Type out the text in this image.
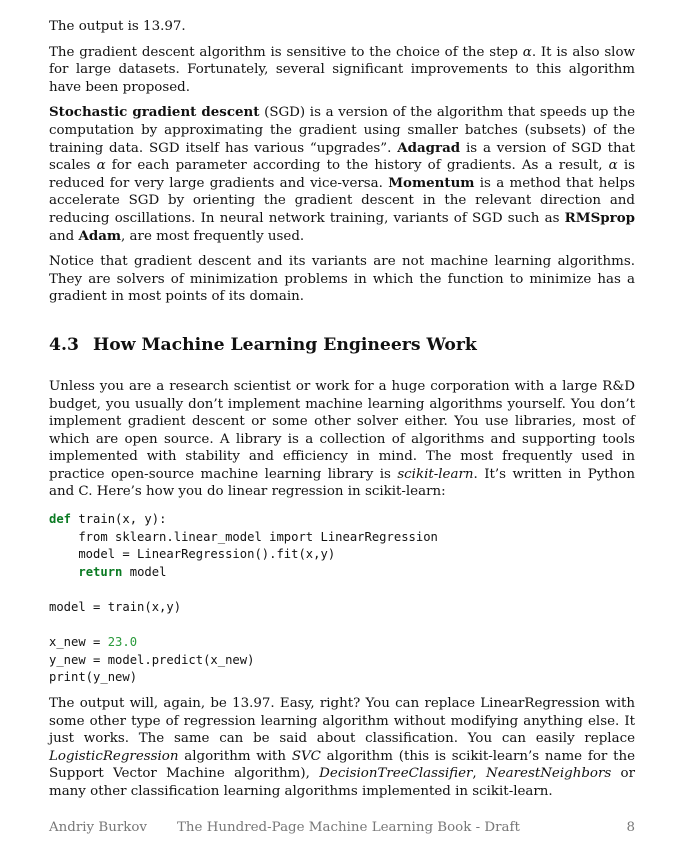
The output is 13.97.

The gradient descent algorithm is sensitive to the choice of the step α. It is also slow for large datasets. Fortunately, several significant improvements to this algorithm have been proposed.

Stochastic gradient descent (SGD) is a version of the algorithm that speeds up the computation by approximating the gradient using smaller batches (subsets) of the training data. SGD itself has various “upgrades”. Adagrad is a version of SGD that scales α for each parameter according to the history of gradients. As a result, α is reduced for very large gradients and vice-versa. Momentum is a method that helps accelerate SGD by orienting the gradient descent in the relevant direction and reducing oscillations. In neural network training, variants of SGD such as RMSprop and Adam, are most frequently used.

Notice that gradient descent and its variants are not machine learning algorithms. They are solvers of minimization problems in which the function to minimize has a gradient in most points of its domain.

4.3 How Machine Learning Engineers Work

Unless you are a research scientist or work for a huge corporation with a large R&D budget, you usually don’t implement machine learning algorithms yourself. You don’t implement gradient descent or some other solver either. You use libraries, most of which are open source. A library is a collection of algorithms and supporting tools implemented with stability and efficiency in mind. The most frequently used in practice open-source machine learning library is scikit-learn. It’s written in Python and C. Here’s how you do linear regression in scikit-learn:

def train(x, y):
from sklearn.linear_model import LinearRegression
model = LinearRegression().fit(x,y)
return model

model = train(x,y)

x_new = 23.0
y_new = model.predict(x_new)
print(y_new)

The output will, again, be 13.97. Easy, right? You can replace LinearRegression with some other type of regression learning algorithm without modifying anything else. It just works. The same can be said about classification. You can easily replace LogisticRegression algorithm with SVC algorithm (this is scikit-learn’s name for the Support Vector Machine algorithm), DecisionTreeClassifier, NearestNeighbors or many other classification learning algorithms implemented in scikit-learn.

Andriy Burkov The Hundred-Page Machine Learning Book - Draft	8
